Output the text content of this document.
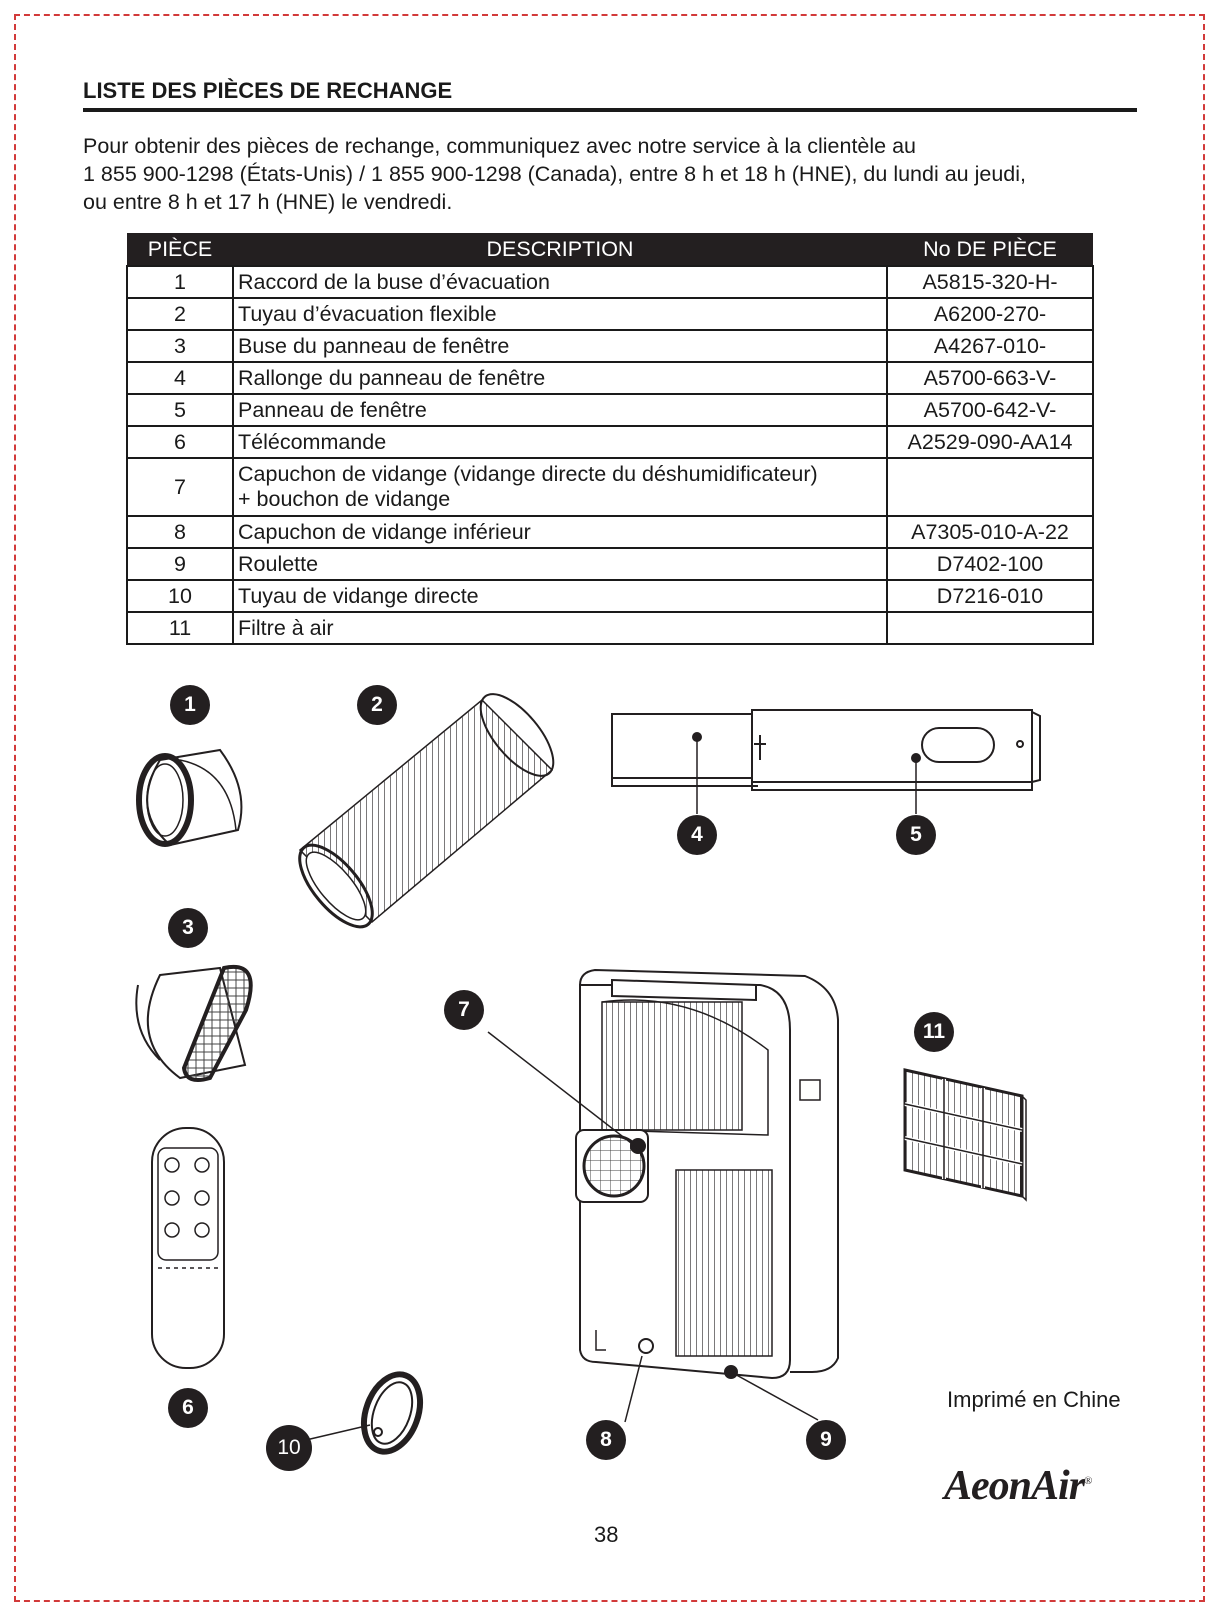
LISTE DES PIÈCES DE RECHANGE

Pour obtenir des pièces de rechange, communiquez avec notre service à la clientèle au
1 855 900-1298 (États-Unis) / 1 855 900-1298 (Canada), entre 8 h et 18 h (HNE), du lundi au jeudi,
ou entre 8 h et 17 h (HNE) le vendredi.

PIÈCE	DESCRIPTION	No DE PIÈCE
1	Raccord de la buse d’évacuation	A5815-320-H-
2	Tuyau d’évacuation flexible	A6200-270-
3	Buse du panneau de fenêtre	A4267-010-
4	Rallonge du panneau de fenêtre	A5700-663-V-
5	Panneau de fenêtre	A5700-642-V-
6	Télécommande	A2529-090-AA14
7	Capuchon de vidange (vidange directe du déshumidificateur)
+ bouchon de vidange	
8	Capuchon de vidange inférieur	A7305-010-A-22
9	Roulette	D7402-100
10	Tuyau de vidange directe	D7216-010
11	Filtre à air	
1	2
3
4	5
6
7
8	9
10
11
Imprimé en Chine
AeonAir®
38
